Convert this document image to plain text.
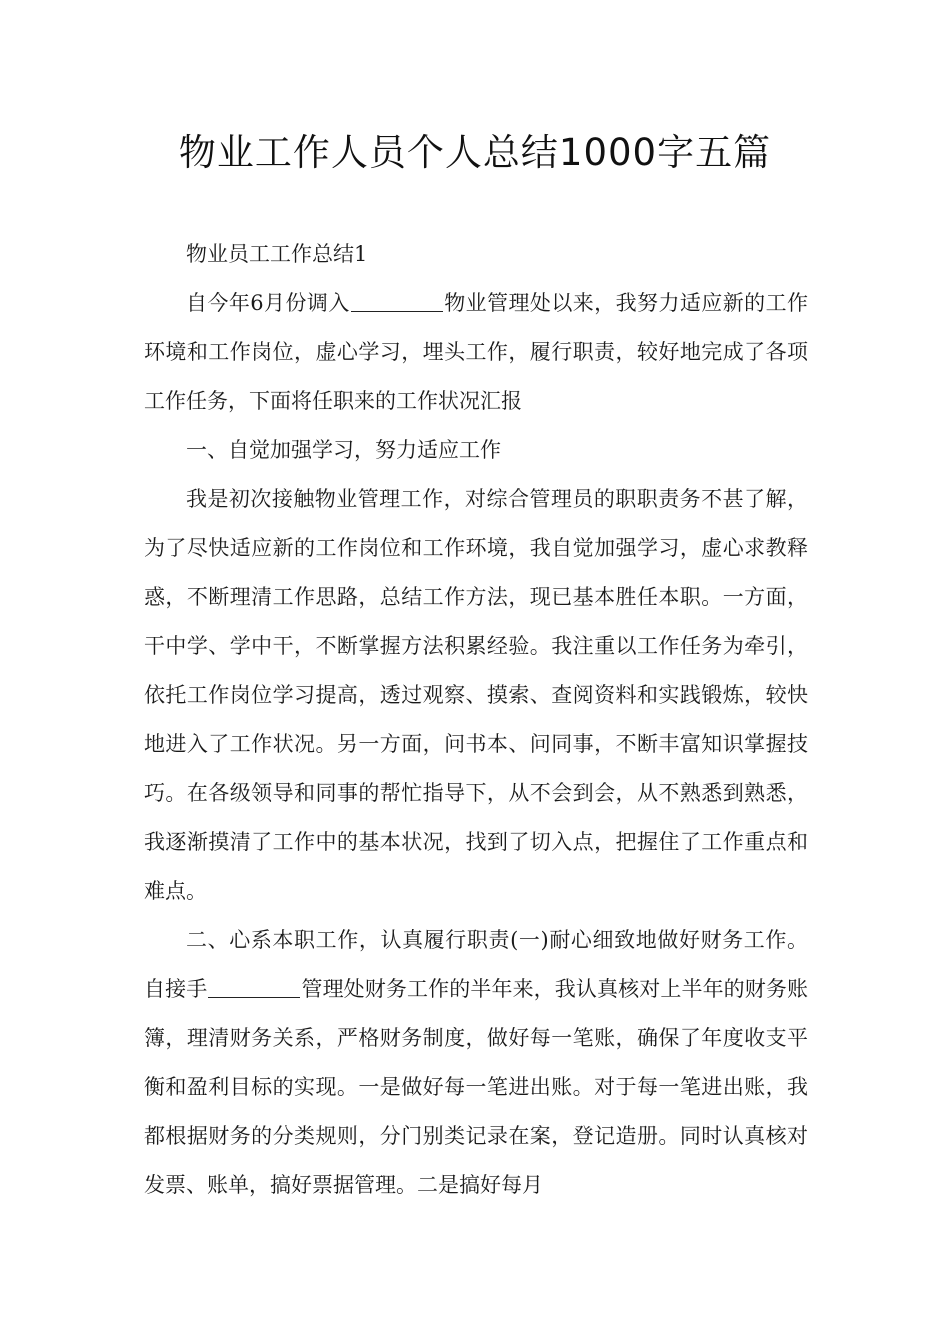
物业工作人员个人总结1000字五篇

物业员工工作总结1

自今年6月份调入	物业管理处以来，我努力适应新的工作环境和工作岗位，虚心学习，埋头工作，履行职责，较好地完成了各项工作任务，下面将任职来的工作状况汇报

一、自觉加强学习，努力适应工作

我是初次接触物业管理工作，对综合管理员的职职责务不甚了解，为了尽快适应新的工作岗位和工作环境，我自觉加强学习，虚心求教释惑，不断理清工作思路，总结工作方法，现已基本胜任本职。一方面，干中学、学中干，不断掌握方法积累经验。我注重以工作任务为牵引，依托工作岗位学习提高，透过观察、摸索、查阅资料和实践锻炼，较快地进入了工作状况。另一方面，问书本、问同事，不断丰富知识掌握技巧。在各级领导和同事的帮忙指导下，从不会到会，从不熟悉到熟悉，我逐渐摸清了工作中的基本状况，找到了切入点，把握住了工作重点和难点。

二、心系本职工作，认真履行职责(一)耐心细致地做好财务工作。自接手	管理处财务工作的半年来，我认真核对上半年的财务账簿，理清财务关系，严格财务制度，做好每一笔账，确保了年度收支平衡和盈利目标的实现。一是做好每一笔进出账。对于每一笔进出账，我都根据财务的分类规则，分门别类记录在案，登记造册。同时认真核对发票、账单，搞好票据管理。二是搞好每月
